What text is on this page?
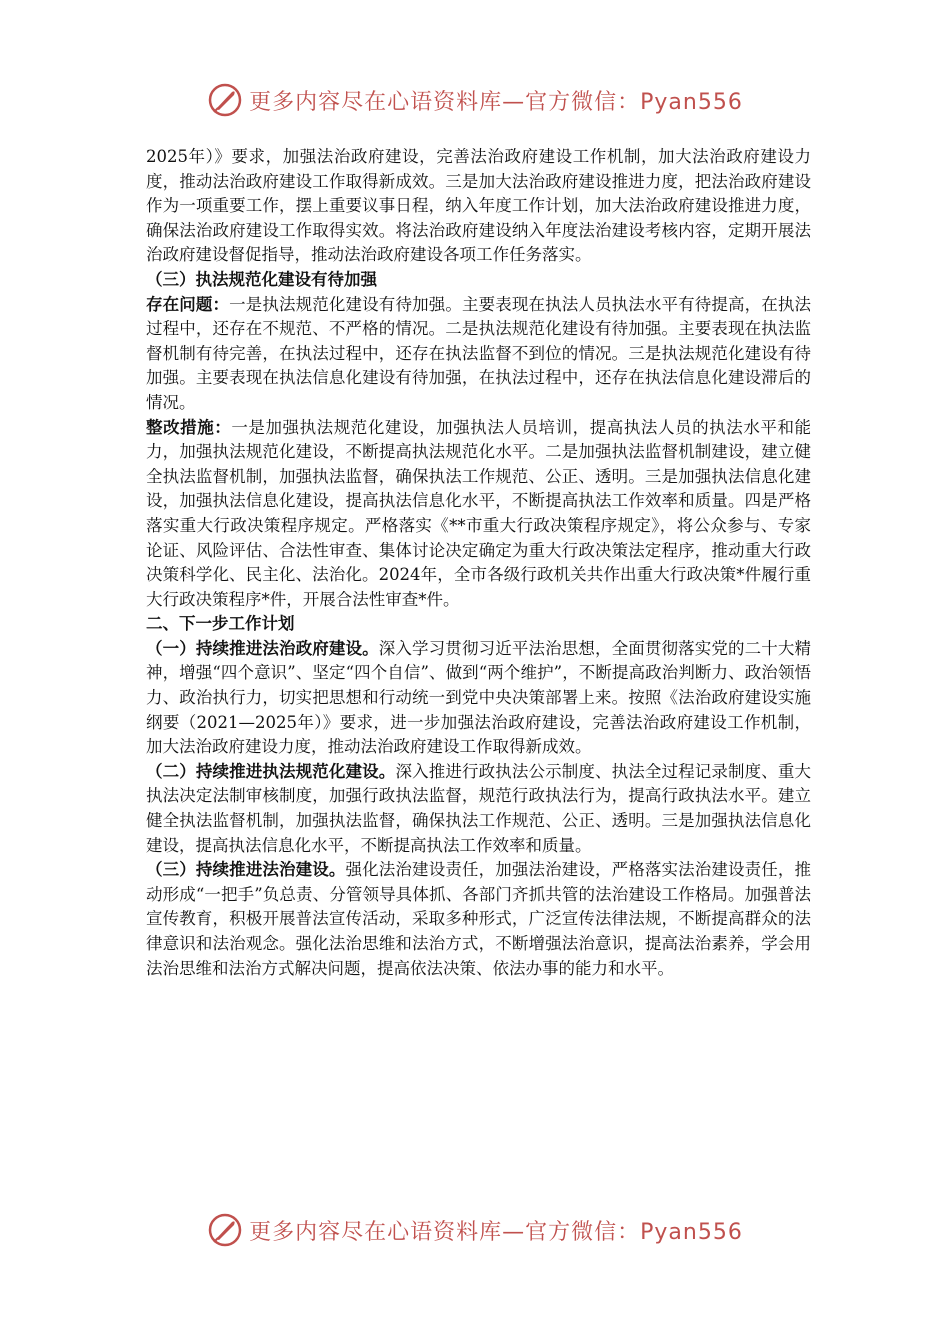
更多内容尽在心语资料库—官方微信：Pyan556

2025年）》要求，加强法治政府建设，完善法治政府建设工作机制，加大法治政府建设力度，推动法治政府建设工作取得新成效。三是加大法治政府建设推进力度，把法治政府建设作为一项重要工作，摆上重要议事日程，纳入年度工作计划，加大法治政府建设推进力度，确保法治政府建设工作取得实效。将法治政府建设纳入年度法治建设考核内容，定期开展法治政府建设督促指导，推动法治政府建设各项工作任务落实。

（三）执法规范化建设有待加强

存在问题：一是执法规范化建设有待加强。主要表现在执法人员执法水平有待提高，在执法过程中，还存在不规范、不严格的情况。二是执法规范化建设有待加强。主要表现在执法监督机制有待完善，在执法过程中，还存在执法监督不到位的情况。三是执法规范化建设有待加强。主要表现在执法信息化建设有待加强，在执法过程中，还存在执法信息化建设滞后的情况。

整改措施：一是加强执法规范化建设，加强执法人员培训，提高执法人员的执法水平和能力，加强执法规范化建设，不断提高执法规范化水平。二是加强执法监督机制建设，建立健全执法监督机制，加强执法监督，确保执法工作规范、公正、透明。三是加强执法信息化建设，加强执法信息化建设，提高执法信息化水平，不断提高执法工作效率和质量。四是严格落实重大行政决策程序规定。严格落实《**市重大行政决策程序规定》，将公众参与、专家论证、风险评估、合法性审查、集体讨论决定确定为重大行政决策法定程序，推动重大行政决策科学化、民主化、法治化。2024年，全市各级行政机关共作出重大行政决策*件履行重大行政决策程序*件，开展合法性审查*件。

二、下一步工作计划

（一）持续推进法治政府建设。深入学习贯彻习近平法治思想，全面贯彻落实党的二十大精神，增强“四个意识”、坚定“四个自信”、做到“两个维护”，不断提高政治判断力、政治领悟力、政治执行力，切实把思想和行动统一到党中央决策部署上来。按照《法治政府建设实施纲要（2021—2025年）》要求，进一步加强法治政府建设，完善法治政府建设工作机制，加大法治政府建设力度，推动法治政府建设工作取得新成效。

（二）持续推进执法规范化建设。深入推进行政执法公示制度、执法全过程记录制度、重大执法决定法制审核制度，加强行政执法监督，规范行政执法行为，提高行政执法水平。建立健全执法监督机制，加强执法监督，确保执法工作规范、公正、透明。三是加强执法信息化建设，提高执法信息化水平，不断提高执法工作效率和质量。

（三）持续推进法治建设。强化法治建设责任，加强法治建设，严格落实法治建设责任，推动形成“一把手”负总责、分管领导具体抓、各部门齐抓共管的法治建设工作格局。加强普法宣传教育，积极开展普法宣传活动，采取多种形式，广泛宣传法律法规，不断提高群众的法律意识和法治观念。强化法治思维和法治方式，不断增强法治意识，提高法治素养，学会用法治思维和法治方式解决问题，提高依法决策、依法办事的能力和水平。

更多内容尽在心语资料库—官方微信：Pyan556
